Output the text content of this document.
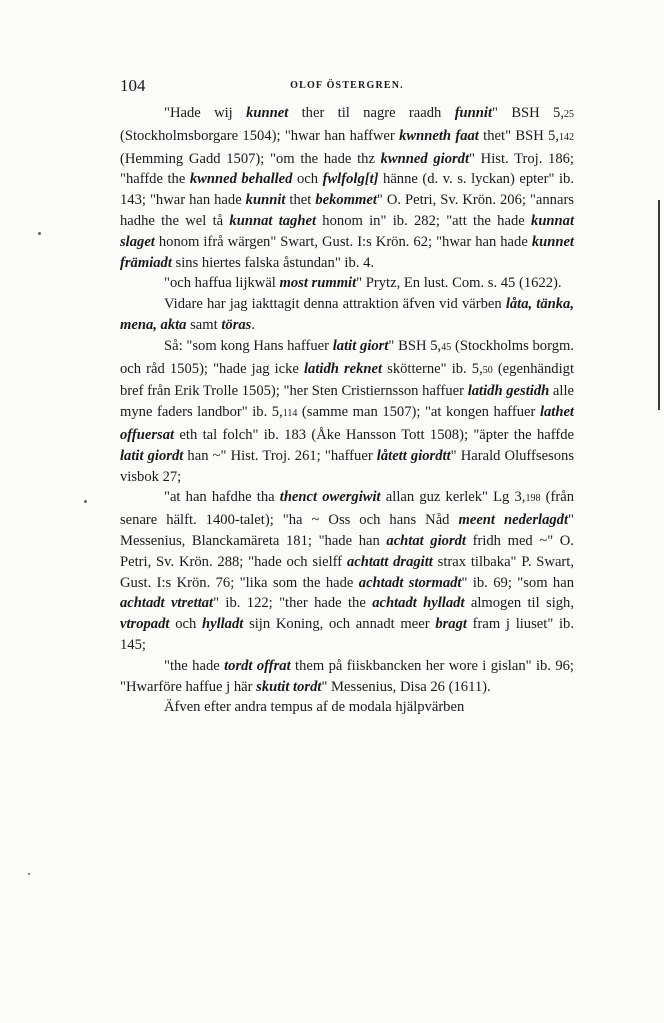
104	OLOF ÖSTERGREN.

"Hade wij kunnet ther til nagre raadh funnit" BSH 5,25 (Stockholmsborgare 1504); "hwar han haffwer kwnneth faat thet" BSH 5,142 (Hemming Gadd 1507); "om the hade thz kwnned giordt" Hist. Troj. 186; "haffde the kwnned behalled och fwlfolg[t] hänne (d. v. s. lyckan) epter" ib. 143; "hwar han hade kunnit thet bekommet" O. Petri, Sv. Krön. 206; "annars hadhe the wel tå kunnat taghet honom in" ib. 282; "att the hade kunnat slaget honom ifrå wärgen" Swart, Gust. I:s Krön. 62; "hwar han hade kunnet främiadt sins hiertes falska åstundan" ib. 4.

"och haffua lijkwäl most rummit" Prytz, En lust. Com. s. 45 (1622).

Vidare har jag iakttagit denna attraktion äfven vid värben låta, tänka, mena, akta samt töras.

Så: "som kong Hans haffuer latit giort" BSH 5,45 (Stockholms borgm. och råd 1505); "hade jag icke latidh reknet skötterne" ib. 5,50 (egenhändigt bref från Erik Trolle 1505); "her Sten Cristiernsson haffuer latidh gestidh alle myne faders landbor" ib. 5,114 (samme man 1507); "at kongen haffuer lathet offuersat eth tal folch" ib. 183 (Åke Hansson Tott 1508); "äpter the haffde latit giordt han ~" Hist. Troj. 261; "haffuer låtett giordtt" Harald Oluffsesons visbok 27;

"at han hafdhe tha thenct owergiwit allan guz kerlek" Lg 3,198 (från senare hälft. 1400-talet); "ha ~ Oss och hans Nåd meent nederlagdt" Messenius, Blanckamäreta 181; "hade han achtat giordt fridh med ~" O. Petri, Sv. Krön. 288; "hade och sielff achtatt dragitt strax tilbaka" P. Swart, Gust. I:s Krön. 76; "lika som the hade achtadt stormadt" ib. 69; "som han achtadt vtrettat" ib. 122; "ther hade the achtadt hylladt almogen til sigh, vtropadt och hylladt sijn Koning, och annadt meer bragt fram j liuset" ib. 145;

"the hade tordt offrat them på fiiskbancken her wore i gislan" ib. 96; "Hwarföre haffue j här skutit tordt" Messenius, Disa 26 (1611).

Äfven efter andra tempus af de modala hjälpvärben
